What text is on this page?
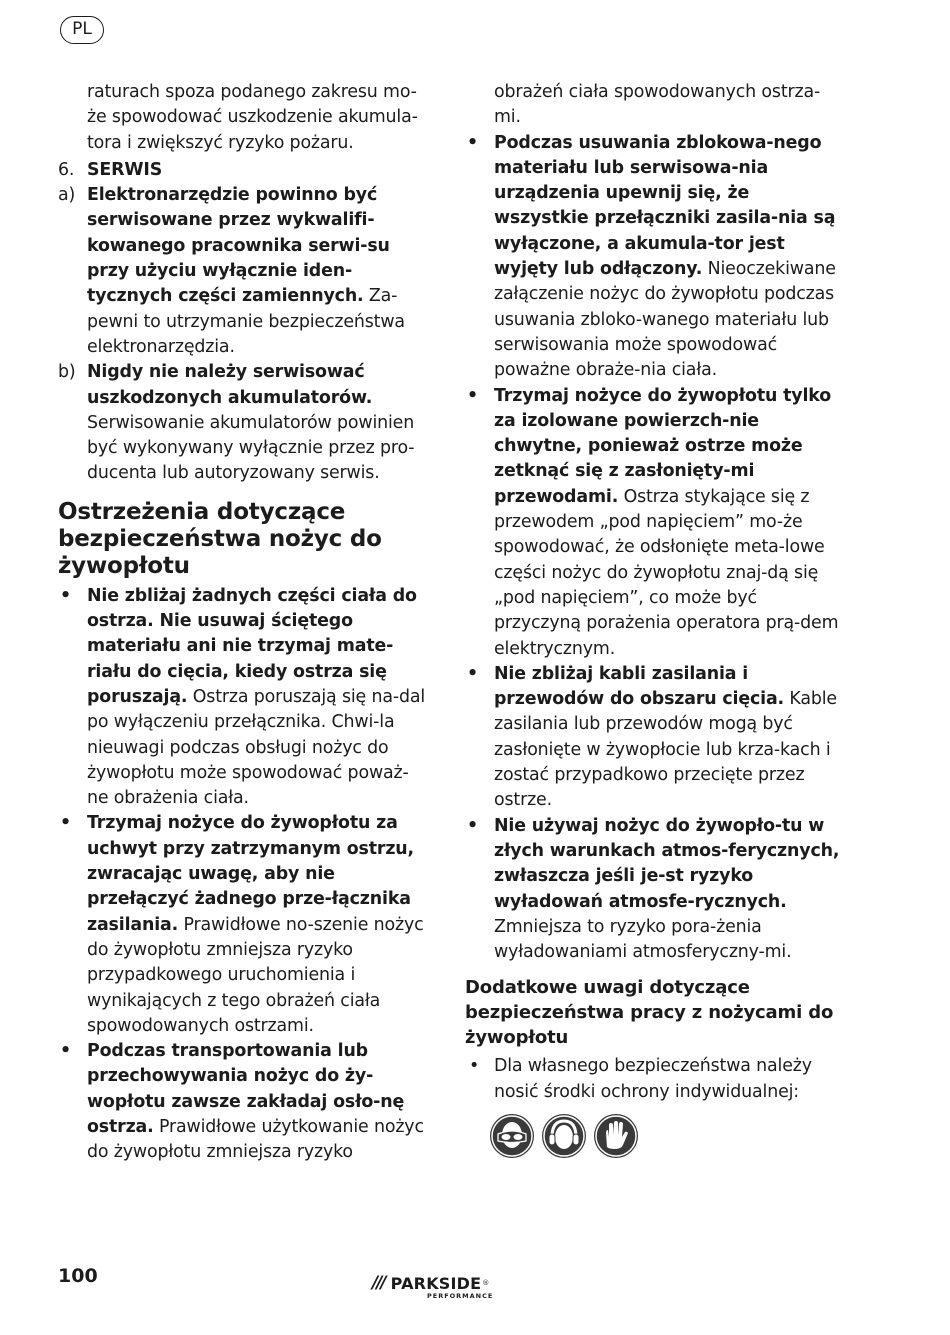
PL

raturach spoza podanego zakresu mo-że spowodować uszkodzenie akumula-tora i zwiększyć ryzyko pożaru.

6. SERWIS

a) Elektronarzędzie powinno być serwisowane przez wykwalifi-kowanego pracownika serwi-su przy użyciu wyłącznie iden-tycznych części zamiennych. Za-pewni to utrzymanie bezpieczeństwa elektronarzędzia.

b) Nigdy nie należy serwisować uszkodzonych akumulatorów. Serwisowanie akumulatorów powinien być wykonywany wyłącznie przez pro-ducenta lub autoryzowany serwis.

Ostrzeżenia dotyczące bezpieczeństwa nożyc do żywopłotu

• Nie zbliżaj żadnych części ciała do ostrza. Nie usuwaj ściętego materiału ani nie trzymaj mate-riału do cięcia, kiedy ostrza się poruszają. Ostrza poruszają się na-dal po wyłączeniu przełącznika. Chwi-la nieuwagi podczas obsługi nożyc do żywopłotu może spowodować poważ-ne obrażenia ciała.

• Trzymaj nożyce do żywopłotu za uchwyt przy zatrzymanym ostrzu, zwracając uwagę, aby nie przełączyć żadnego prze-łącznika zasilania. Prawidłowe no-szenie nożyc do żywopłotu zmniejsza ryzyko przypadkowego uruchomienia i wynikających z tego obrażeń ciała spowodowanych ostrzami.

• Podczas transportowania lub przechowywania nożyc do ży-wopłotu zawsze zakładaj osło-nę ostrza. Prawidłowe użytkowanie nożyc do żywopłotu zmniejsza ryzyko

obrażeń ciała spowodowanych ostrza-mi.

• Podczas usuwania zblokowa-nego materiału lub serwisowa-nia urządzenia upewnij się, że wszystkie przełączniki zasila-nia są wyłączone, a akumula-tor jest wyjęty lub odłączony. Nieoczekiwane załączenie nożyc do żywopłotu podczas usuwania zbloko-wanego materiału lub serwisowania może spowodować poważne obraże-nia ciała.

• Trzymaj nożyce do żywopłotu tylko za izolowane powierzch-nie chwytne, ponieważ ostrze może zetknąć się z zasłonięty-mi przewodami. Ostrza stykające się z przewodem „pod napięciem” mo-że spowodować, że odsłonięte meta-lowe części nożyc do żywopłotu znaj-dą się „pod napięciem”, co może być przyczyną porażenia operatora prą-dem elektrycznym.

• Nie zbliżaj kabli zasilania i przewodów do obszaru cięcia. Kable zasilania lub przewodów mogą być zasłonięte w żywopłocie lub krza-kach i zostać przypadkowo przecięte przez ostrze.

• Nie używaj nożyc do żywopło-tu w złych warunkach atmos-ferycznych, zwłaszcza jeśli je-st ryzyko wyładowań atmosfe-rycznych. Zmniejsza to ryzyko pora-żenia wyładowaniami atmosferyczny-mi.

Dodatkowe uwagi dotyczące bezpieczeństwa pracy z nożycami do żywopłotu

• Dla własnego bezpieczeństwa należy nosić środki ochrony indywidualnej:

100	/// PARKSIDE ®
PERFORMANCE
